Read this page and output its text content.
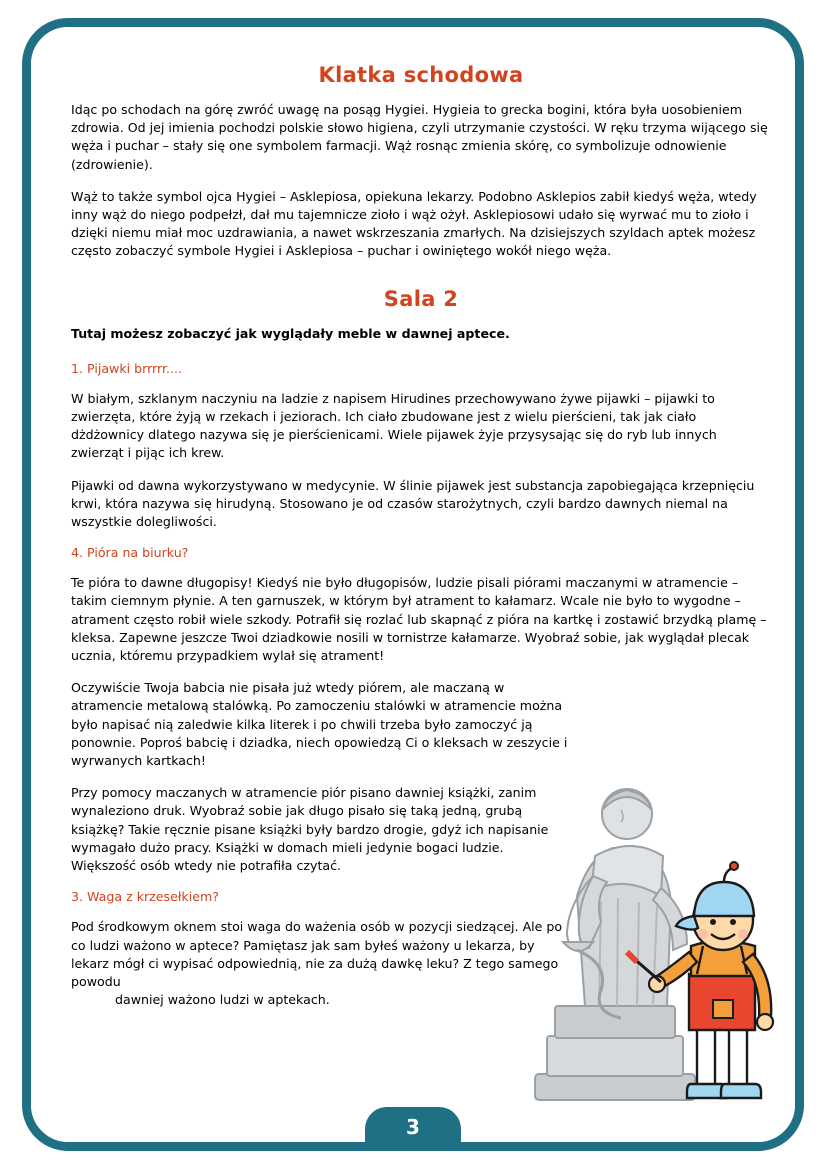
Klatka schodowa

Idąc po schodach na górę zwróć uwagę na posąg Hygiei. Hygieia to grecka bogini, która była uosobieniem zdrowia. Od jej imienia pochodzi polskie słowo higiena, czyli utrzymanie czystości. W ręku trzyma wijącego się węża i puchar – stały się one symbolem farmacji. Wąż rosnąc zmienia skórę, co symbolizuje odnowienie (zdrowienie).

Wąż to także symbol ojca Hygiei – Asklepiosa, opiekuna lekarzy. Podobno Asklepios zabił kiedyś węża, wtedy inny wąż do niego podpełzł, dał mu tajemnicze zioło i wąż ożył. Asklepiosowi udało się wyrwać mu to zioło i dzięki niemu miał moc uzdrawiania, a nawet wskrzeszania zmarłych. Na dzisiejszych szyldach aptek możesz często zobaczyć symbole Hygiei i Asklepiosa – puchar i owiniętego wokół niego węża.

Sala 2

Tutaj możesz zobaczyć jak wyglądały meble w dawnej aptece.

1. Pijawki brrrrr....

W białym, szklanym naczyniu na ladzie z napisem Hirudines przechowywano żywe pijawki – pijawki to zwierzęta, które żyją w rzekach i jeziorach. Ich ciało zbudowane jest z wielu pierścieni, tak jak ciało dżdżownicy dlatego nazywa się je pierścienicami. Wiele pijawek żyje przysysając się do ryb lub innych zwierząt i pijąc ich krew.

Pijawki od dawna wykorzystywano w medycynie. W ślinie pijawek jest substancja zapobiegająca krzepnięciu krwi, która nazywa się hirudyną. Stosowano je od czasów starożytnych, czyli bardzo dawnych niemal na wszystkie dolegliwości.

4. Pióra na biurku?

Te pióra to dawne długopisy! Kiedyś nie było długopisów, ludzie pisali piórami maczanymi w atramencie – takim ciemnym płynie. A ten garnuszek, w którym był atrament to kałamarz. Wcale nie było to wygodne – atrament często robił wiele szkody. Potrafił się rozlać lub skapnąć z pióra na kartkę i zostawić brzydką plamę – kleksa. Zapewne jeszcze Twoi dziadkowie nosili w tornistrze kałamarze. Wyobraź sobie, jak wyglądał plecak ucznia, któremu przypadkiem wylał się atrament!

Oczywiście Twoja babcia nie pisała już wtedy piórem, ale maczaną w atramencie metalową stalówką. Po zamoczeniu stalówki w atramencie można było napisać nią zaledwie kilka literek i po chwili trzeba było zamoczyć ją ponownie. Poproś babcię i dziadka, niech opowiedzą Ci o kleksach w zeszycie i wyrwanych kartkach!

Przy pomocy maczanych w atramencie piór pisano dawniej książki, zanim wynaleziono druk. Wyobraź sobie jak długo pisało się taką jedną, grubą książkę? Takie ręcznie pisane książki były bardzo drogie, gdyż ich napisanie wymagało dużo pracy. Książki w domach mieli jedynie bogaci ludzie. Większość osób wtedy nie potrafiła czytać.

3. Waga z krzesełkiem?

Pod środkowym oknem stoi waga do ważenia osób w pozycji siedzącej. Ale po co ludzi ważono w aptece? Pamiętasz jak sam byłeś ważony u lekarza, by lekarz mógł ci wypisać odpowiednią, nie za dużą dawkę leku? Z tego samego powodu
dawniej ważono ludzi w aptekach.

3
